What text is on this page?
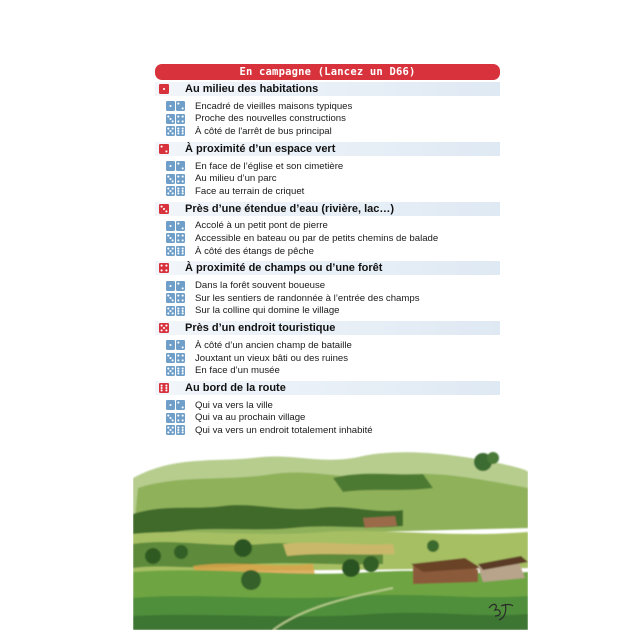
En campagne (Lancez un D66)
Au milieu des habitations
Encadré de vieilles maisons typiques
Proche des nouvelles constructions
À côté de l'arrêt de bus principal
À proximité d’un espace vert
En face de l’église et son cimetière
Au milieu d’un parc
Face au terrain de criquet
Près d’une étendue d’eau (rivière, lac…)
Accolé à un petit pont de pierre
Accessible en bateau ou par de petits chemins de balade
À côté des étangs de pêche
À proximité de champs ou d’une forêt
Dans la forêt souvent boueuse
Sur les sentiers de randonnée à l’entrée des champs
Sur la colline qui domine le village
Près d’un endroit touristique
À côté d’un ancien champ de bataille
Jouxtant un vieux bâti ou des ruines
En face d’un musée
Au bord de la route
Qui va vers la ville
Qui va au prochain village
Qui va vers un endroit totalement inhabité
